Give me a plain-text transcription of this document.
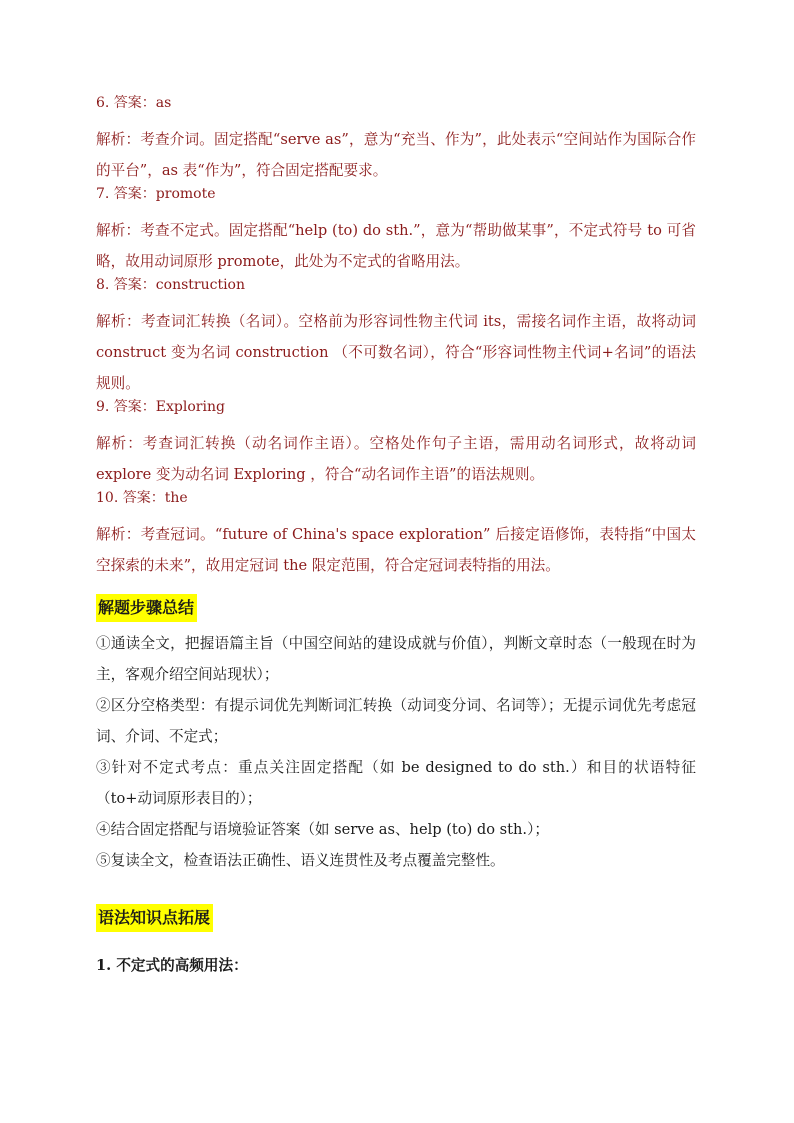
6. 答案：as

解析：考查介词。固定搭配“serve as”，意为“充当、作为”，此处表示“空间站作为国际合作的平台”，as 表“作为”，符合固定搭配要求。

7. 答案：promote

解析：考查不定式。固定搭配“help (to) do sth.”，意为“帮助做某事”，不定式符号 to 可省略，故用动词原形 promote，此处为不定式的省略用法。

8. 答案：construction

解析：考查词汇转换（名词）。空格前为形容词性物主代词 its，需接名词作主语，故将动词 construct 变为名词 construction （不可数名词），符合“形容词性物主代词+名词”的语法规则。

9. 答案：Exploring

解析：考查词汇转换（动名词作主语）。空格处作句子主语，需用动名词形式，故将动词 explore 变为动名词 Exploring ，符合“动名词作主语”的语法规则。

10. 答案：the

解析：考查冠词。“future of China's space exploration” 后接定语修饰，表特指“中国太空探索的未来”，故用定冠词 the 限定范围，符合定冠词表特指的用法。

解题步骤总结

①通读全文，把握语篇主旨（中国空间站的建设成就与价值），判断文章时态（一般现在时为主，客观介绍空间站现状）；

②区分空格类型：有提示词优先判断词汇转换（动词变分词、名词等）；无提示词优先考虑冠词、介词、不定式；

③针对不定式考点：重点关注固定搭配（如 be designed to do sth.）和目的状语特征（to+动词原形表目的）；

④结合固定搭配与语境验证答案（如 serve as、help (to) do sth.）；

⑤复读全文，检查语法正确性、语义连贯性及考点覆盖完整性。

语法知识点拓展

1. 不定式的高频用法：
